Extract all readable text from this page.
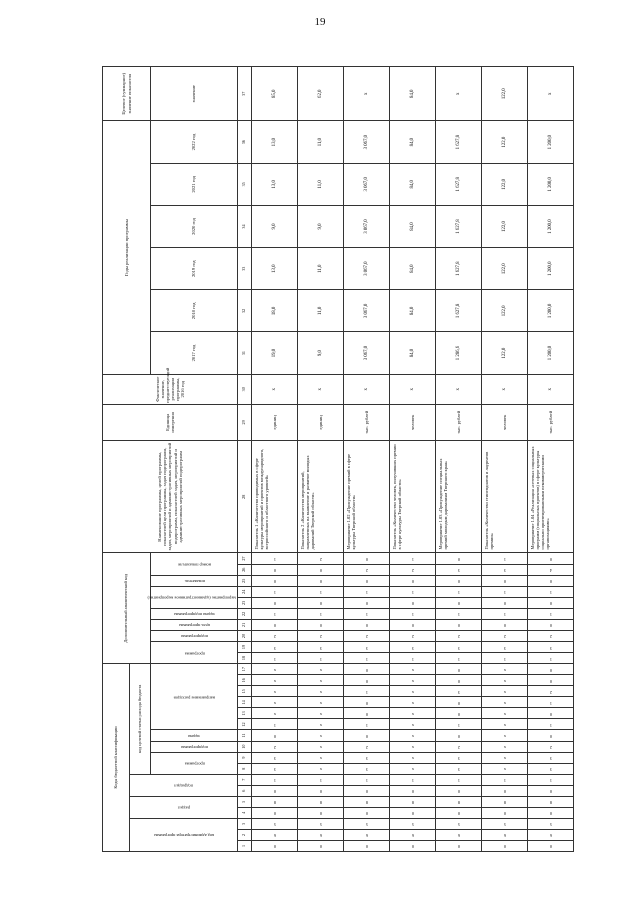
19
Коды бюджетной классификации																	Дополнительный аналитический код										Наименование программы, целей программы, показателей цели программы, задач подпрограмм, задач, мероприятий и административных мероприятий подпрограмм, показателей задач, мероприятий и административных мероприятий подпрограмм	Единица измерения	Фактическое значение, предшествующий реализации программы, 2016 год	Годы реализации программы						Целевое (суммарное) значение показателя
код администратора программы			раздел		подраздел		код целевой статьи расхода бюджета																													
							программа		подпрограмма	задача	направление расходов						программа		подпрограмма	цель программы	задача подпрограммы	мероприятие (административное мероприятие)		показатель	номер показателя					2017 год	2018 год	2019 год	2020 год	2021 год	2022 год	
																																				значение
1	2	3	4	5	6	7	8	9	10	11	12	13	14	15	16	17	18	19	20	21	22	23	24	25	26	27	28	29	30	31	32	33	34	35	36	37
0	6	5	0	8	0	1	3	3	2	0	1	x	x	x	x	x	1	3	2	0	1	0	1	0	0	1	Показатель 1 «Количество проводимых в сфере культуры мероприятий и проектов международного, всероссийского и областного уровней»	единиц	x	19,0	18,0	13,0	9,0	13,0	13,0	85,0
0	6	5	0	8	0	1	x	x	x	x	x	x	x	x	x	x	1	3	2	0	1	0	1	0	0	2	Показатель 2 «Количество мероприятий, направленных на выявление и развитие молодых дарований Тверской области»	единиц	x	9,0	11,0	11,0	9,0	11,0	11,0	62,0
0	6	5	0	8	0	1	3	3	2	0	1	0	0	1	0	0	1	3	2	0	1	0	1	0	2	0	Мероприятие 1.02 «Присуждение премий в сфере культуры Тверской области»	тыс. рублей	x	3 067,0	3 067,0	3 067,0	3 067,0	3 067,0	3 067,0	x
0	6	5	0	8	0	1	x	x	x	x	x	x	x	x	x	x	1	3	2	0	1	0	1	0	2	1	Показатель «Количество человек, получивших премии в сфере культуры Тверской области»	человек	x	84,0	84,0	84,0	84,0	84,0	84,0	84,0
0	6	5	0	8	0	1	3	3	2	0	1	0	0	3	0	0	1	3	2	0	1	0	1	0	3	0	Мероприятие 1.03 «Присуждение специальных премий молодым дарованиям Тверского края»	тыс. рублей	x	1 286,6	1 627,8	1 627,8	1 627,8	1 627,8	1 627,8	x
0	6	5	0	8	0	1	x	x	x	x	x	x	x	x	x	x	1	3	2	0	1	0	1	0	3	1	Показатель «Количество стипендиатов и лауреатов премии»	человек	x	122,0	122,0	122,0	122,0	122,0	122,0	122,0
0	6	5	0	8	0	1	3	3	2	0	1	0	1	2	0	0	1	3	2	0	1	0	1	0	4	0	Мероприятие 1.04 «Реализация «сетевых социальных программ (социальных проектов) в сфере культуры социально ориентированными некоммерческими организациями»	тыс. рублей	x	1 200,0	1 200,0	1 200,0	1 200,0	1 200,0	1 200,0	x
